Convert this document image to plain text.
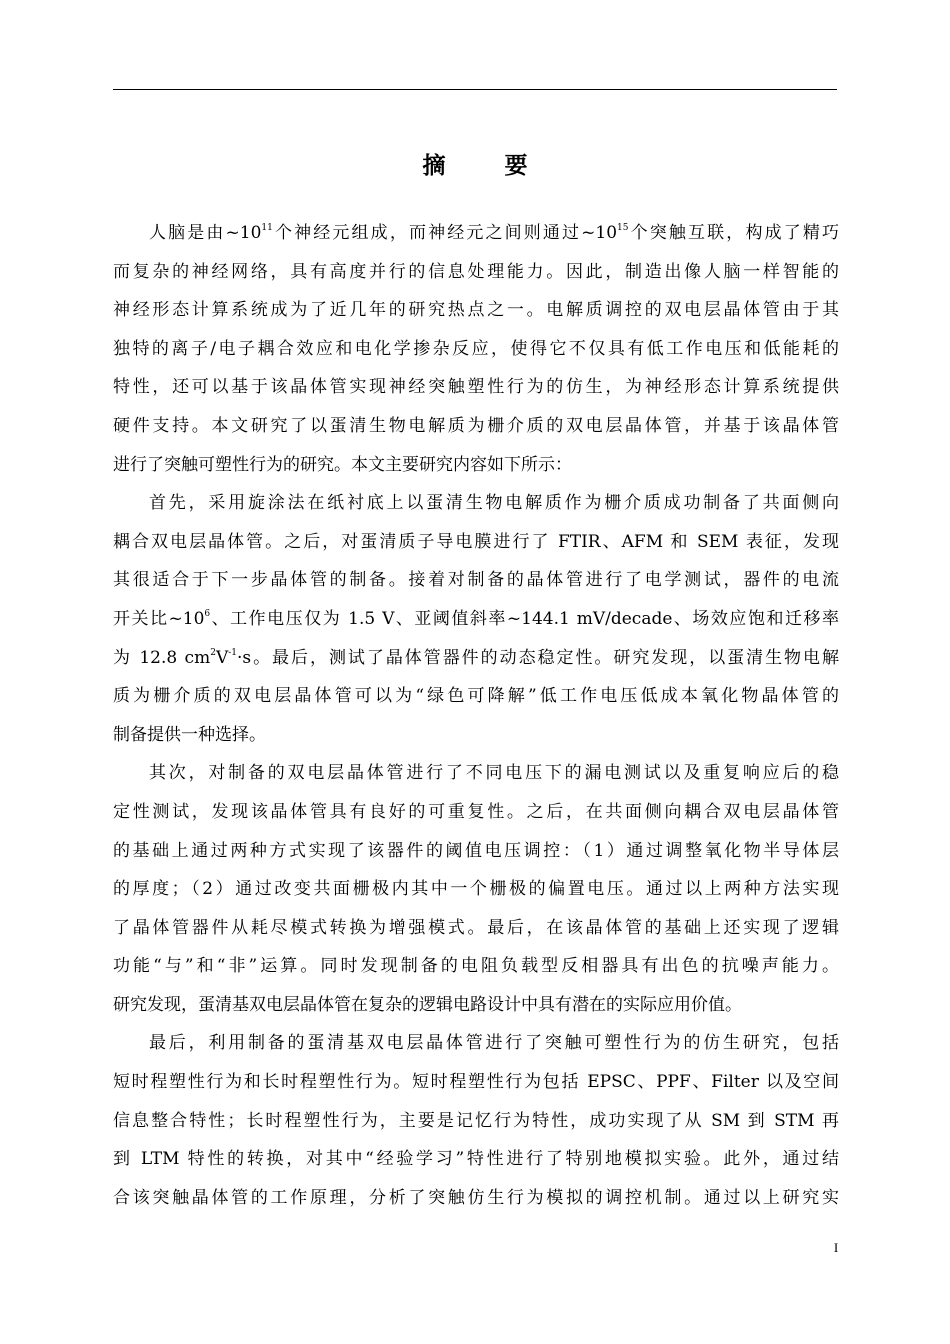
摘　要
人脑是由$\sim 10^{11}$个神经元组成，而神经元之间则通过$\sim 10^{15}$个突触互联，构成了精巧
而复杂的神经网络，具有高度并行的信息处理能力。因此，制造出像人脑一样智能的
神经形态计算系统成为了近几年的研究热点之一。电解质调控的双电层晶体管由于其
独特的离子/电子耦合效应和电化学掺杂反应，使得它不仅具有低工作电压和低能耗的
特性，还可以基于该晶体管实现神经突触塑性行为的仿生，为神经形态计算系统提供
硬件支持。本文研究了以蛋清生物电解质为栅介质的双电层晶体管，并基于该晶体管
进行了突触可塑性行为的研究。本文主要研究内容如下所示：
首先，采用旋涂法在纸衬底上以蛋清生物电解质作为栅介质成功制备了共面侧向
耦合双电层晶体管。之后，对蛋清质子导电膜进行了 FTIR、AFM 和 SEM 表征，发现
其很适合于下一步晶体管的制备。接着对制备的晶体管进行了电学测试，器件的电流
开关比$\sim 10^6$、工作电压仅为 1.5 V、亚阈值斜率~144.1 mV/decade、场效应饱和迁移率
为 12.8 $cm^2V^{-1}\cdot s$。最后，测试了晶体管器件的动态稳定性。研究发现，以蛋清生物电解
质为栅介质的双电层晶体管可以为“绿色可降解”低工作电压低成本氧化物晶体管的
制备提供一种选择。
其次，对制备的双电层晶体管进行了不同电压下的漏电测试以及重复响应后的稳
定性测试，发现该晶体管具有良好的可重复性。之后，在共面侧向耦合双电层晶体管
的基础上通过两种方式实现了该器件的阈值电压调控：（1）通过调整氧化物半导体层
的厚度；（2）通过改变共面栅极内其中一个栅极的偏置电压。通过以上两种方法实现
了晶体管器件从耗尽模式转换为增强模式。最后，在该晶体管的基础上还实现了逻辑
功能“与”和“非”运算。同时发现制备的电阻负载型反相器具有出色的抗噪声能力。
研究发现，蛋清基双电层晶体管在复杂的逻辑电路设计中具有潜在的实际应用价值。
最后，利用制备的蛋清基双电层晶体管进行了突触可塑性行为的仿生研究，包括
短时程塑性行为和长时程塑性行为。短时程塑性行为包括 EPSC、PPF、Filter 以及空间
信息整合特性；长时程塑性行为，主要是记忆行为特性，成功实现了从 SM 到 STM 再
到 LTM 特性的转换，对其中“经验学习”特性进行了特别地模拟实验。此外，通过结
合该突触晶体管的工作原理，分析了突触仿生行为模拟的调控机制。通过以上研究实
I
